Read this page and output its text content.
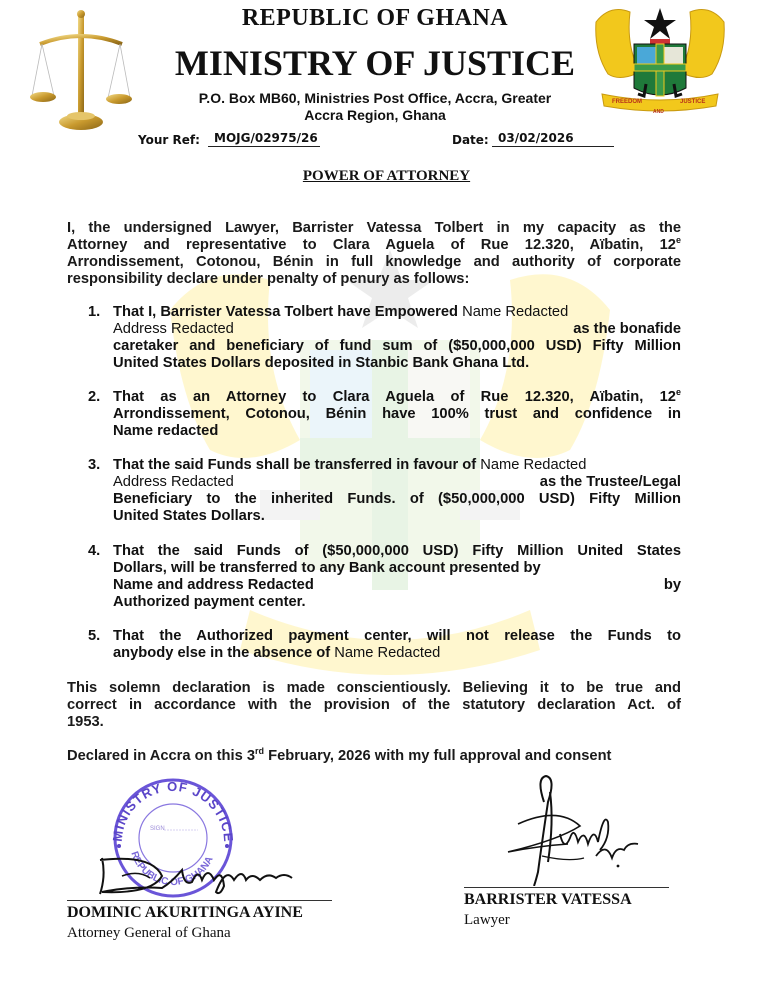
FREEDOM
AND
JUSTICE
REPUBLIC OF GHANA
MINISTRY OF JUSTICE
P.O. Box MB60, Ministries Post Office, Accra, Greater
Accra Region, Ghana
Your Ref:	MOJG/02975/26	Date: 03/02/2026
POWER OF ATTORNEY
I, the undersigned Lawyer, Barrister Vatessa Tolbert in my capacity as the
Attorney and representative to Clara Aguela of Rue 12.320, Aïbatin, 12e
Arrondissement, Cotonou, Bénin in full knowledge and authority of corporate
responsibility declare under penalty of penury as follows:
1. That I, Barrister Vatessa Tolbert have Empowered Name Redacted
Address Redacted	as the bonafide
caretaker and beneficiary of fund sum of ($50,000,000 USD) Fifty Million
United States Dollars deposited in Stanbic Bank Ghana Ltd.
2. That as an Attorney to Clara Aguela of Rue 12.320, Aïbatin, 12e
Arrondissement, Cotonou, Bénin have 100% trust and confidence in
Name redacted
3. That the said Funds shall be transferred in favour of Name Redacted
Address Redacted	as the Trustee/Legal
Beneficiary to the inherited Funds. of ($50,000,000 USD) Fifty Million
United States Dollars.
4. That the said Funds of ($50,000,000 USD) Fifty Million United States
Dollars, will be transferred to any Bank account presented by
Name and address Redacted	by
Authorized payment center.
5. That the Authorized payment center, will not release the Funds to
anybody else in the absence of Name Redacted
This solemn declaration is made conscientiously. Believing it to be true and
correct in accordance with the provision of the statutory declaration Act. of
1953.
Declared in Accra on this 3rd February, 2026 with my full approval and consent
MINISTRY OF JUSTICE
REPUBLIC OF GHANA
SIGN
DOMINIC AKURITINGA AYINE
Attorney General of Ghana
BARRISTER VATESSA
Lawyer
